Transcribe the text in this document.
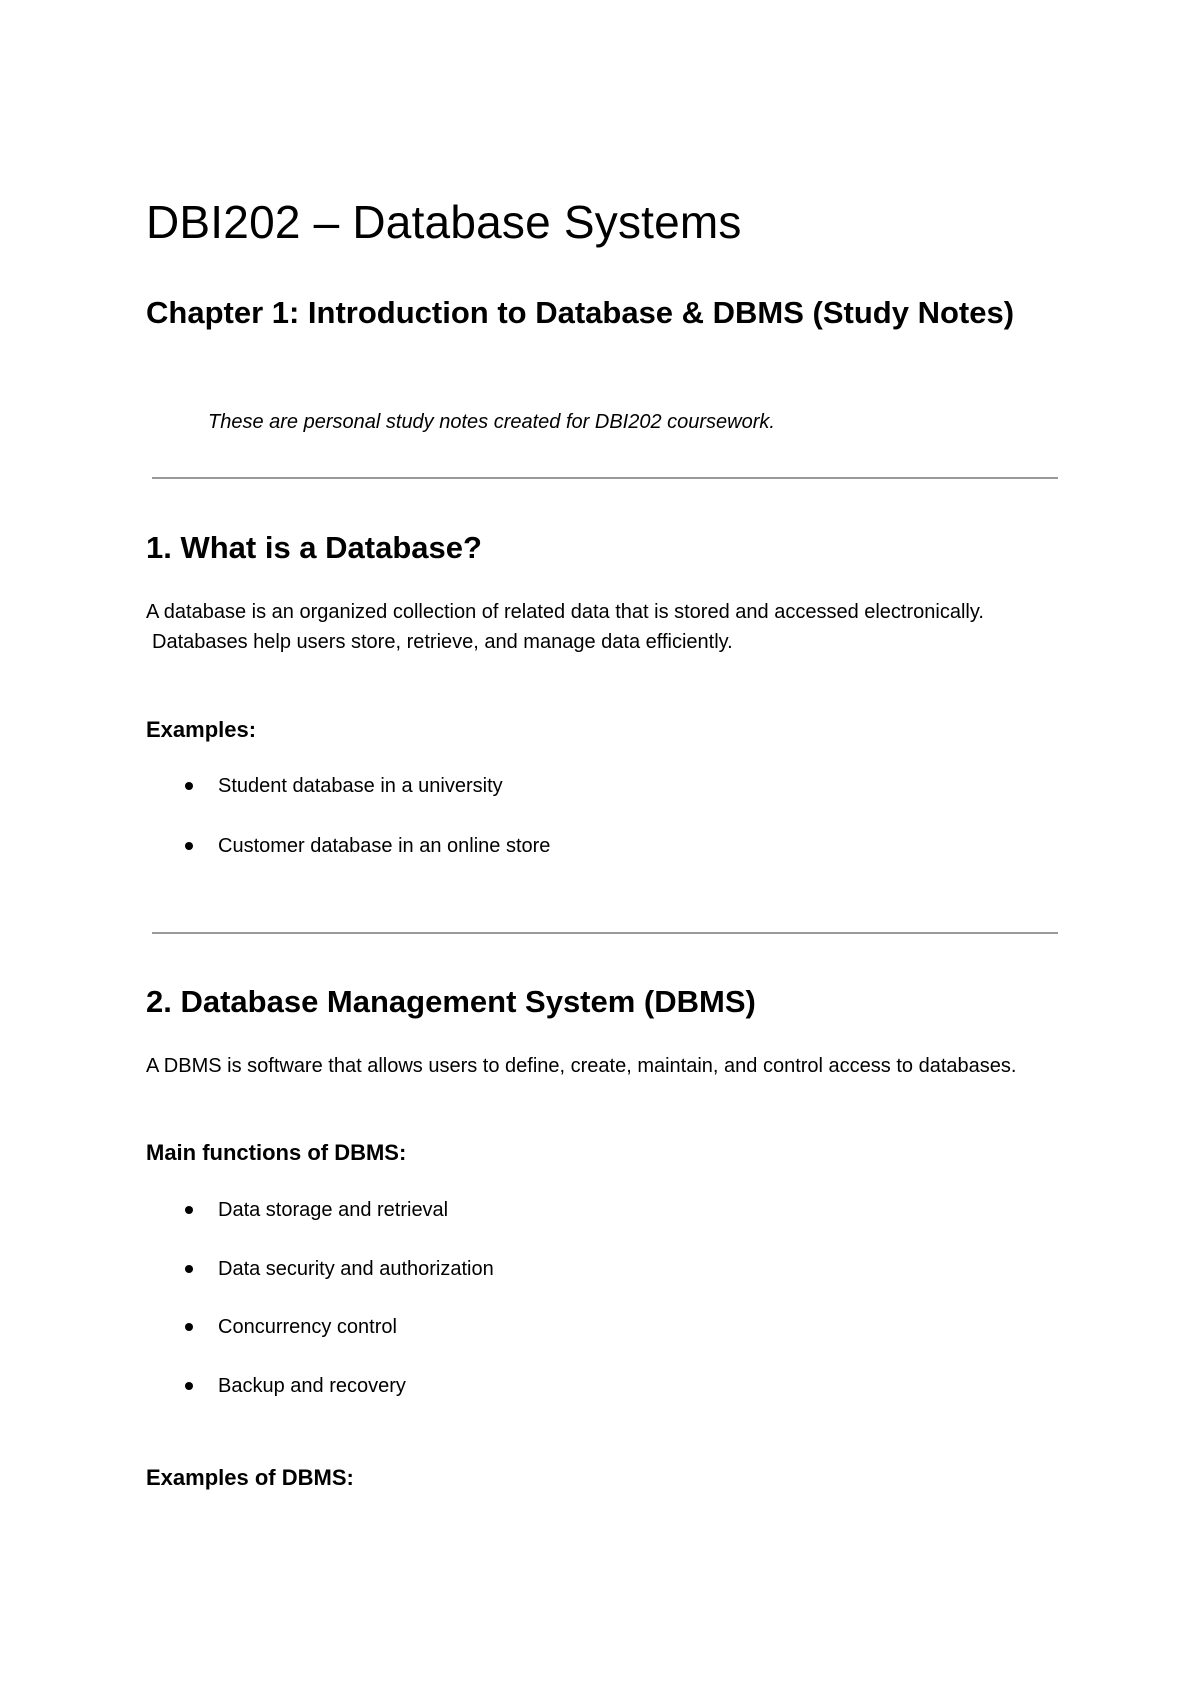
DBI202 – Database Systems
Chapter 1: Introduction to Database & DBMS (Study Notes)

These are personal study notes created for DBI202 coursework.

1. What is a Database?
A database is an organized collection of related data that is stored and accessed electronically.
Databases help users store, retrieve, and manage data efficiently.
Examples:
Student database in a university
Customer database in an online store
2. Database Management System (DBMS)
A DBMS is software that allows users to define, create, maintain, and control access to databases.
Main functions of DBMS:
Data storage and retrieval
Data security and authorization
Concurrency control
Backup and recovery
Examples of DBMS:
